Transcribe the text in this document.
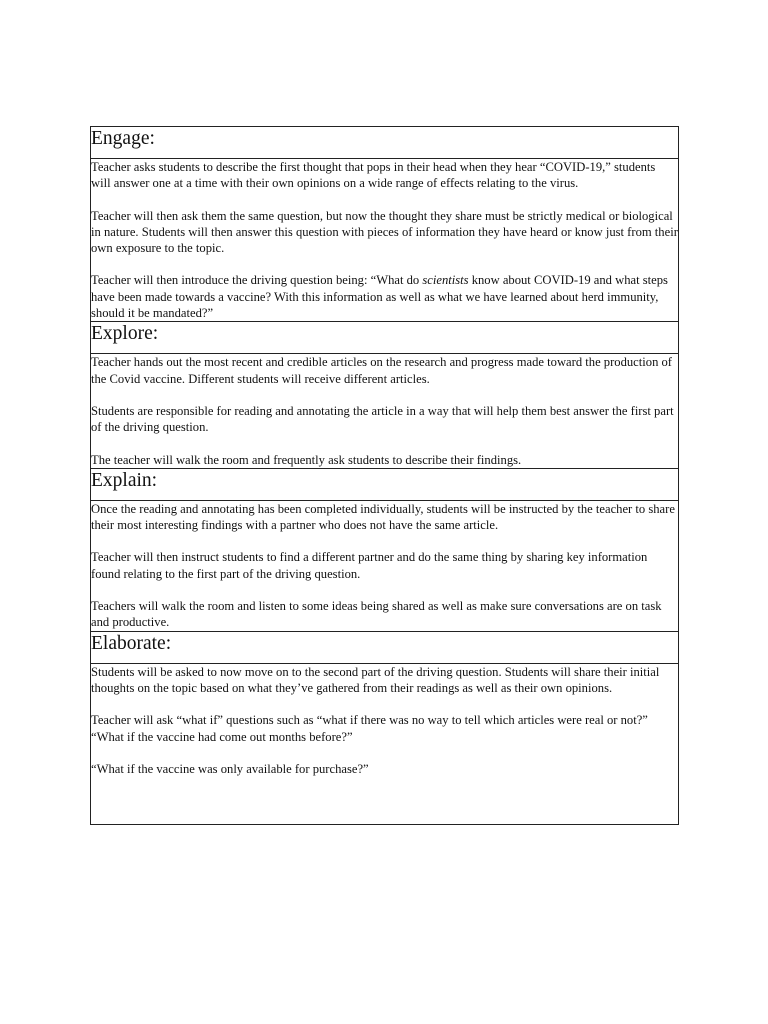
Engage:

Teacher asks students to describe the first thought that pops in their head when they hear “COVID-19,” students will answer one at a time with their own opinions on a wide range of effects relating to the virus.

Teacher will then ask them the same question, but now the thought they share must be strictly medical or biological in nature. Students will then answer this question with pieces of information they have heard or know just from their own exposure to the topic.

Teacher will then introduce the driving question being: “What do scientists know about COVID-19 and what steps have been made towards a vaccine? With this information as well as what we have learned about herd immunity, should it be mandated?”

Explore:

Teacher hands out the most recent and credible articles on the research and progress made toward the production of the Covid vaccine. Different students will receive different articles.

Students are responsible for reading and annotating the article in a way that will help them best answer the first part of the driving question.

The teacher will walk the room and frequently ask students to describe their findings.

Explain:

Once the reading and annotating has been completed individually, students will be instructed by the teacher to share their most interesting findings with a partner who does not have the same article.

Teacher will then instruct students to find a different partner and do the same thing by sharing key information found relating to the first part of the driving question.

Teachers will walk the room and listen to some ideas being shared as well as make sure conversations are on task and productive.

Elaborate:

Students will be asked to now move on to the second part of the driving question. Students will share their initial thoughts on the topic based on what they’ve gathered from their readings as well as their own opinions.

Teacher will ask “what if” questions such as “what if there was no way to tell which articles were real or not?”
“What if the vaccine had come out months before?”

“What if the vaccine was only available for purchase?”
